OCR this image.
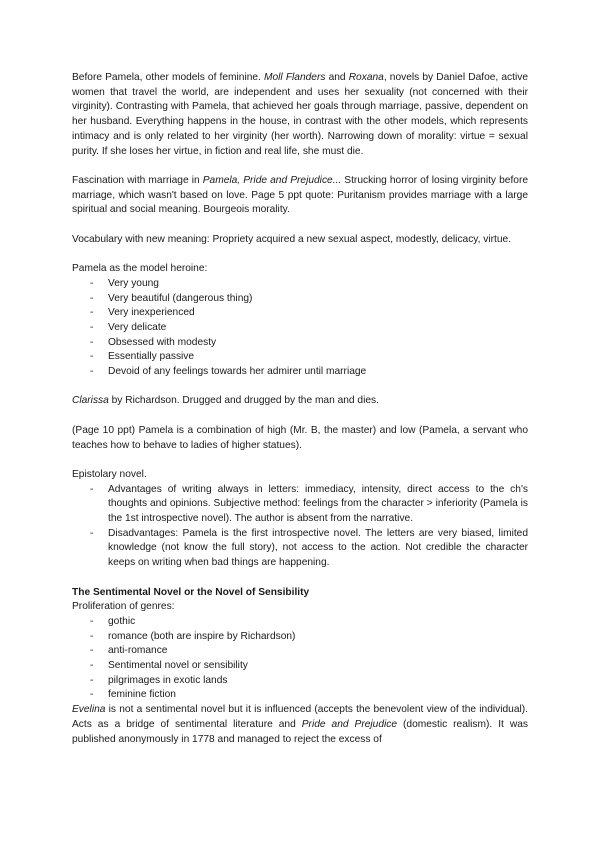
Before Pamela, other models of feminine. Moll Flanders and Roxana, novels by Daniel Dafoe, active women that travel the world, are independent and uses her sexuality (not concerned with their virginity). Contrasting with Pamela, that achieved her goals through marriage, passive, dependent on her husband. Everything happens in the house, in contrast with the other models, which represents intimacy and is only related to her virginity (her worth). Narrowing down of morality: virtue = sexual purity. If she loses her virtue, in fiction and real life, she must die.

Fascination with marriage in Pamela, Pride and Prejudice... Strucking horror of losing virginity before marriage, which wasn't based on love. Page 5 ppt quote: Puritanism provides marriage with a large spiritual and social meaning. Bourgeois morality.

Vocabulary with new meaning: Propriety acquired a new sexual aspect, modestly, delicacy, virtue.

Pamela as the model heroine:

- Very young
- Very beautiful (dangerous thing)
- Very inexperienced
- Very delicate
- Obsessed with modesty
- Essentially passive
- Devoid of any feelings towards her admirer until marriage

Clarissa by Richardson. Drugged and drugged by the man and dies.

(Page 10 ppt) Pamela is a combination of high (Mr. B, the master) and low (Pamela, a servant who teaches how to behave to ladies of higher statues).

Epistolary novel.

- Advantages of writing always in letters: immediacy, intensity, direct access to the ch's thoughts and opinions. Subjective method: feelings from the character > inferiority (Pamela is the 1st introspective novel). The author is absent from the narrative.
- Disadvantages: Pamela is the first introspective novel. The letters are very biased, limited knowledge (not know the full story), not access to the action. Not credible the character keeps on writing when bad things are happening.

The Sentimental Novel or the Novel of Sensibility

Proliferation of genres:

- gothic
- romance (both are inspire by Richardson)
- anti-romance
- Sentimental novel or sensibility
- pilgrimages in exotic lands
- feminine fiction

Evelina is not a sentimental novel but it is influenced (accepts the benevolent view of the individual). Acts as a bridge of sentimental literature and Pride and Prejudice (domestic realism). It was published anonymously in 1778 and managed to reject the excess of
